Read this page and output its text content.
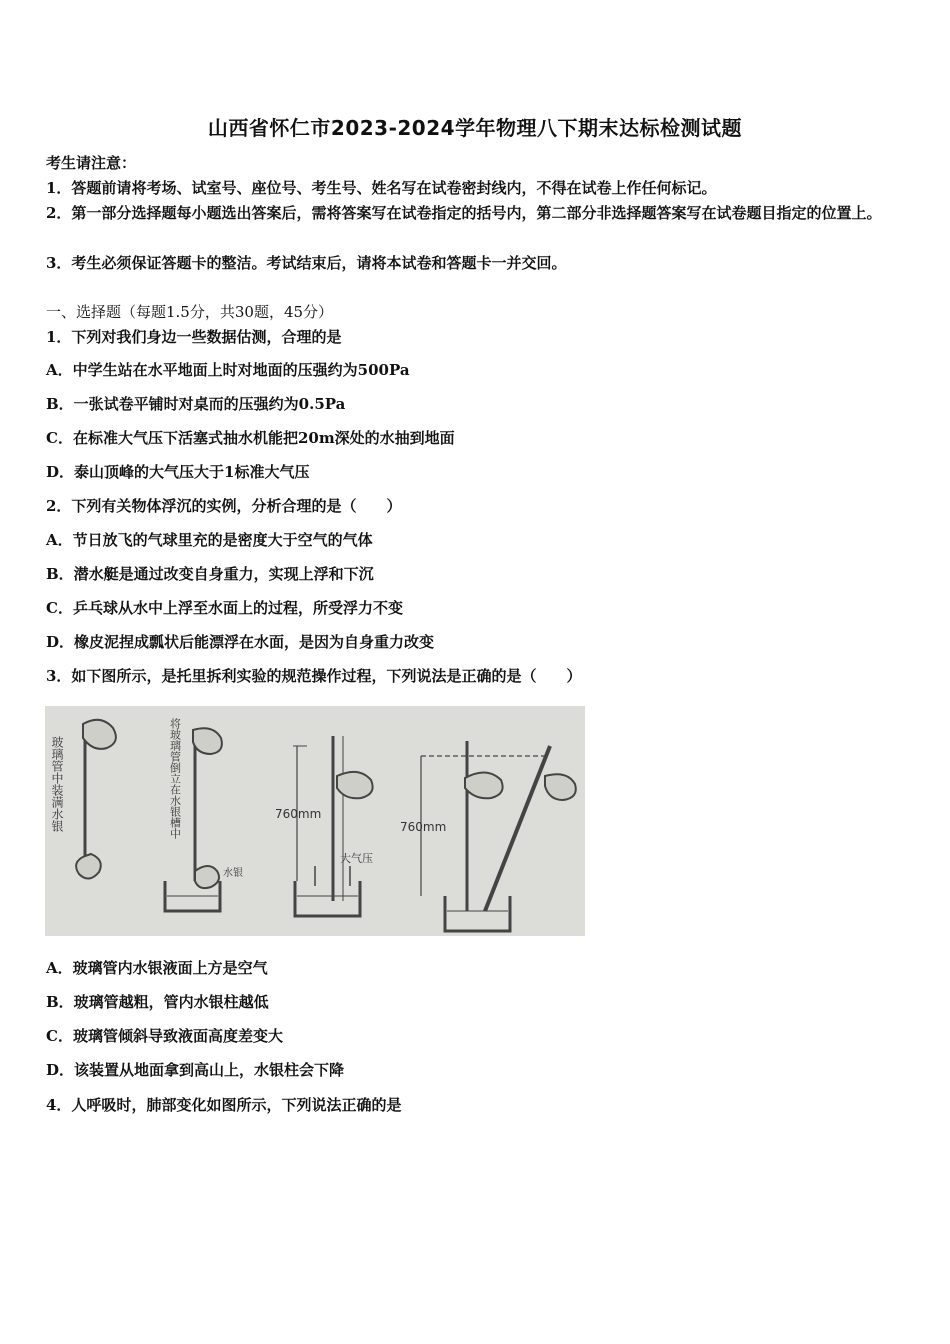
山西省怀仁市2023-2024学年物理八下期末达标检测试题
考生请注意：
1．答题前请将考场、试室号、座位号、考生号、姓名写在试卷密封线内，不得在试卷上作任何标记。
2．第一部分选择题每小题选出答案后，需将答案写在试卷指定的括号内，第二部分非选择题答案写在试卷题目指定的位置上。
3．考生必须保证答题卡的整洁。考试结束后，请将本试卷和答题卡一并交回。
一、选择题（每题1.5分，共30题，45分）
1．下列对我们身边一些数据估测，合理的是
A．中学生站在水平地面上时对地面的压强约为500Pa
B．一张试卷平铺时对桌而的压强约为0.5Pa
C．在标准大气压下活塞式抽水机能把20m深处的水抽到地面
D．泰山顶峰的大气压大于1标准大气压
2．下列有关物体浮沉的实例，分析合理的是（　　）
A．节日放飞的气球里充的是密度大于空气的气体
B．潜水艇是通过改变自身重力，实现上浮和下沉
C．乒乓球从水中上浮至水面上的过程，所受浮力不变
D．橡皮泥捏成瓢状后能漂浮在水面，是因为自身重力改变
3．如下图所示，是托里拆利实验的规范操作过程，下列说法是正确的是（　　）
玻璃管中装满水银	将玻璃管倒立在水银槽中
水银
760mm
大气压
760mm
A．玻璃管内水银液面上方是空气
B．玻璃管越粗，管内水银柱越低
C．玻璃管倾斜导致液面高度差变大
D．该装置从地面拿到高山上，水银柱会下降
4．人呼吸时，肺部变化如图所示，下列说法正确的是
